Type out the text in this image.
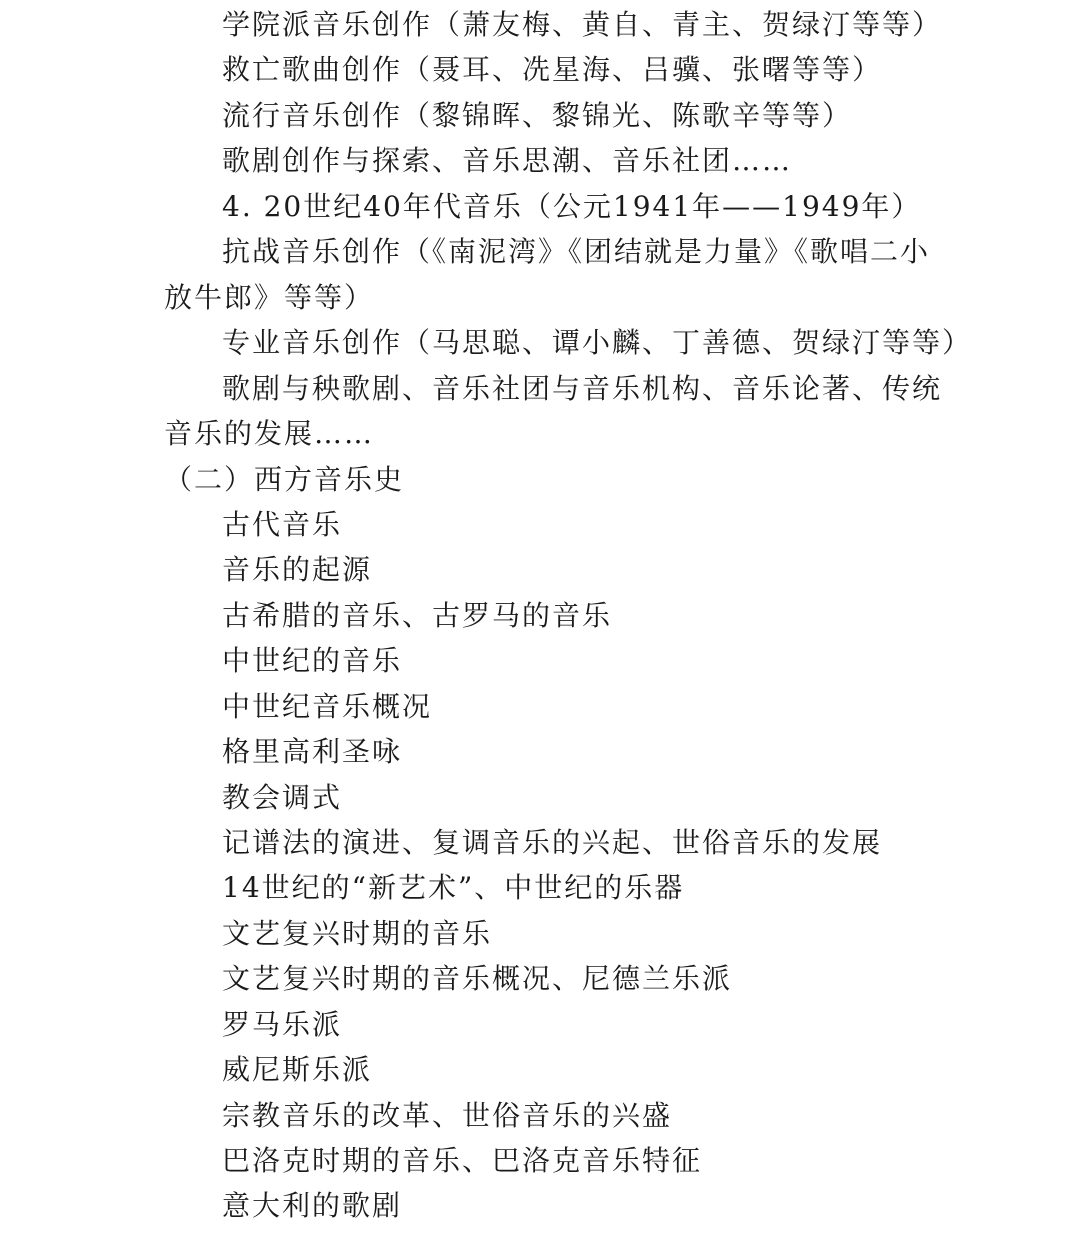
学院派音乐创作（萧友梅、黄自、青主、贺绿汀等等）
救亡歌曲创作（聂耳、冼星海、吕骥、张曙等等）
流行音乐创作（黎锦晖、黎锦光、陈歌辛等等）
歌剧创作与探索、音乐思潮、音乐社团……
4. 20世纪40年代音乐（公元1941年——1949年）
抗战音乐创作（《南泥湾》《团结就是力量》《歌唱二小
放牛郎》等等）
专业音乐创作（马思聪、谭小麟、丁善德、贺绿汀等等）
歌剧与秧歌剧、音乐社团与音乐机构、音乐论著、传统
音乐的发展……
（二）西方音乐史
古代音乐
音乐的起源
古希腊的音乐、古罗马的音乐
中世纪的音乐
中世纪音乐概况
格里高利圣咏
教会调式
记谱法的演进、复调音乐的兴起、世俗音乐的发展
14世纪的“新艺术”、中世纪的乐器
文艺复兴时期的音乐
文艺复兴时期的音乐概况、尼德兰乐派
罗马乐派
威尼斯乐派
宗教音乐的改革、世俗音乐的兴盛
巴洛克时期的音乐、巴洛克音乐特征
意大利的歌剧
